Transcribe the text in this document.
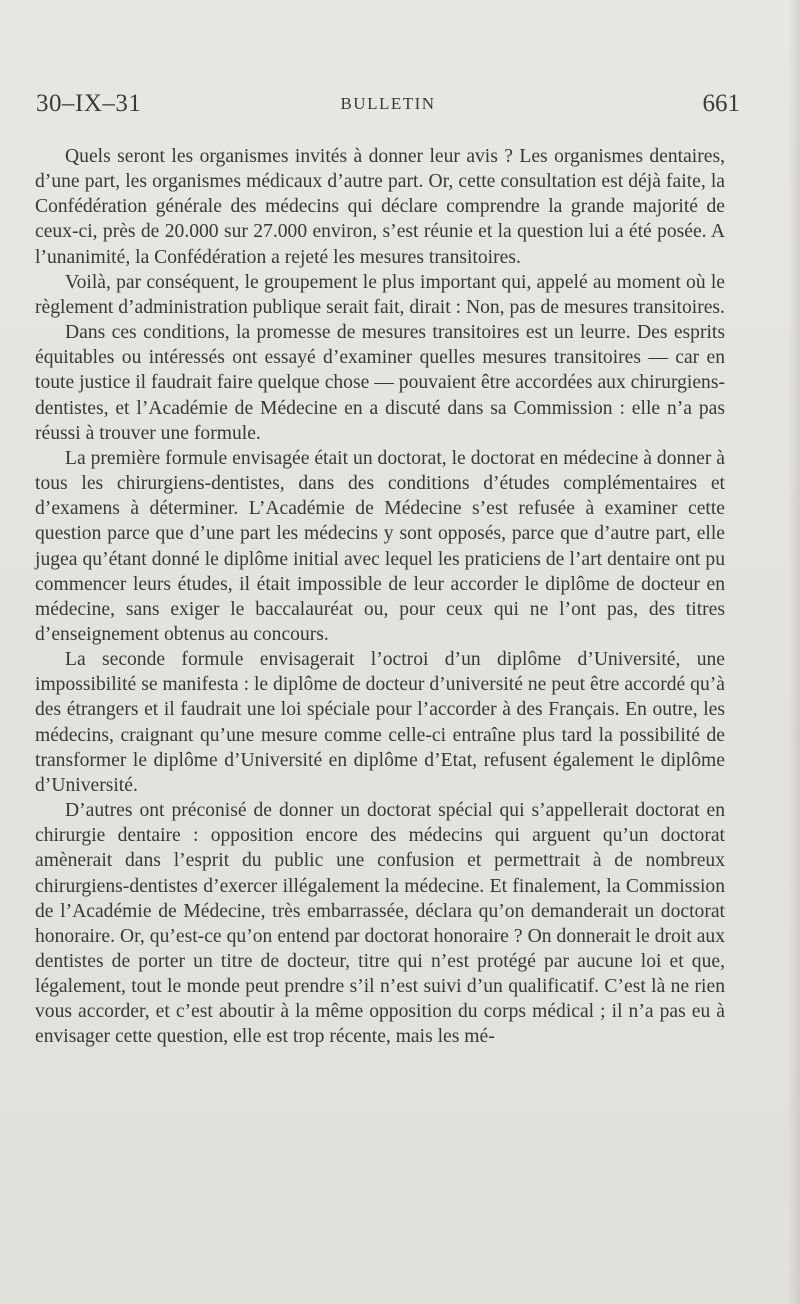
30–IX–31	BULLETIN	661

Quels seront les organismes invités à donner leur avis ? Les organismes dentaires, d’une part, les organismes médicaux d’autre part. Or, cette consultation est déjà faite, la Confédération générale des médecins qui déclare comprendre la grande majorité de ceux-ci, près de 20.000 sur 27.000 environ, s’est réunie et la question lui a été posée. A l’unanimité, la Confédération a rejeté les mesures transitoires.

Voilà, par conséquent, le groupement le plus important qui, appelé au moment où le règlement d’administration publique serait fait, dirait : Non, pas de mesures transitoires.

Dans ces conditions, la promesse de mesures transitoires est un leurre. Des esprits équitables ou intéressés ont essayé d’examiner quelles mesures transitoires — car en toute justice il faudrait faire quelque chose — pouvaient être accordées aux chirurgiens-dentistes, et l’Académie de Médecine en a discuté dans sa Commission : elle n’a pas réussi à trouver une formule.

La première formule envisagée était un doctorat, le doctorat en médecine à donner à tous les chirurgiens-dentistes, dans des conditions d’études complémentaires et d’examens à déterminer. L’Académie de Médecine s’est refusée à examiner cette question parce que d’une part les médecins y sont opposés, parce que d’autre part, elle jugea qu’étant donné le diplôme initial avec lequel les praticiens de l’art dentaire ont pu commencer leurs études, il était impossible de leur accorder le diplôme de docteur en médecine, sans exiger le baccalauréat ou, pour ceux qui ne l’ont pas, des titres d’enseignement obtenus au concours.

La seconde formule envisagerait l’octroi d’un diplôme d’Université, une impossibilité se manifesta : le diplôme de docteur d’université ne peut être accordé qu’à des étrangers et il faudrait une loi spéciale pour l’accorder à des Français. En outre, les médecins, craignant qu’une mesure comme celle-ci entraîne plus tard la possibilité de transformer le diplôme d’Université en diplôme d’Etat, refusent également le diplôme d’Université.

D’autres ont préconisé de donner un doctorat spécial qui s’appellerait doctorat en chirurgie dentaire : opposition encore des médecins qui arguent qu’un doctorat amènerait dans l’esprit du public une confusion et permettrait à de nombreux chirurgiens-dentistes d’exercer illégalement la médecine. Et finalement, la Commission de l’Académie de Médecine, très embarrassée, déclara qu’on demanderait un doctorat honoraire. Or, qu’est-ce qu’on entend par doctorat honoraire ? On donnerait le droit aux dentistes de porter un titre de docteur, titre qui n’est protégé par aucune loi et que, légalement, tout le monde peut prendre s’il n’est suivi d’un qualificatif. C’est là ne rien vous accorder, et c’est aboutir à la même opposition du corps médical ; il n’a pas eu à envisager cette question, elle est trop récente, mais les mé-
